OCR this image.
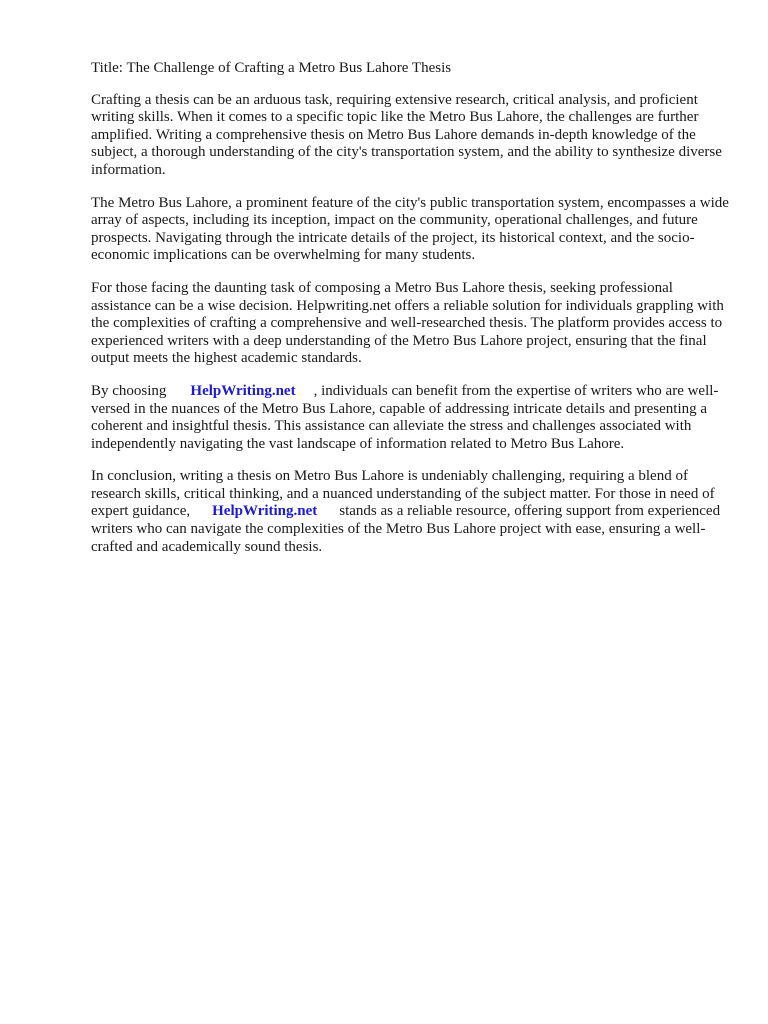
Title: The Challenge of Crafting a Metro Bus Lahore Thesis

Crafting a thesis can be an arduous task, requiring extensive research, critical analysis, and proficient writing skills. When it comes to a specific topic like the Metro Bus Lahore, the challenges are further amplified. Writing a comprehensive thesis on Metro Bus Lahore demands in-depth knowledge of the subject, a thorough understanding of the city's transportation system, and the ability to synthesize diverse information.

The Metro Bus Lahore, a prominent feature of the city's public transportation system, encompasses a wide array of aspects, including its inception, impact on the community, operational challenges, and future prospects. Navigating through the intricate details of the project, its historical context, and the socio-economic implications can be overwhelming for many students.

For those facing the daunting task of composing a Metro Bus Lahore thesis, seeking professional assistance can be a wise decision. Helpwriting.net offers a reliable solution for individuals grappling with the complexities of crafting a comprehensive and well-researched thesis. The platform provides access to experienced writers with a deep understanding of the Metro Bus Lahore project, ensuring that the final output meets the highest academic standards.

By choosing HelpWriting.net , individuals can benefit from the expertise of writers who are well-versed in the nuances of the Metro Bus Lahore, capable of addressing intricate details and presenting a coherent and insightful thesis. This assistance can alleviate the stress and challenges associated with independently navigating the vast landscape of information related to Metro Bus Lahore.

In conclusion, writing a thesis on Metro Bus Lahore is undeniably challenging, requiring a blend of research skills, critical thinking, and a nuanced understanding of the subject matter. For those in need of expert guidance, HelpWriting.net stands as a reliable resource, offering support from experienced writers who can navigate the complexities of the Metro Bus Lahore project with ease, ensuring a well-crafted and academically sound thesis.
